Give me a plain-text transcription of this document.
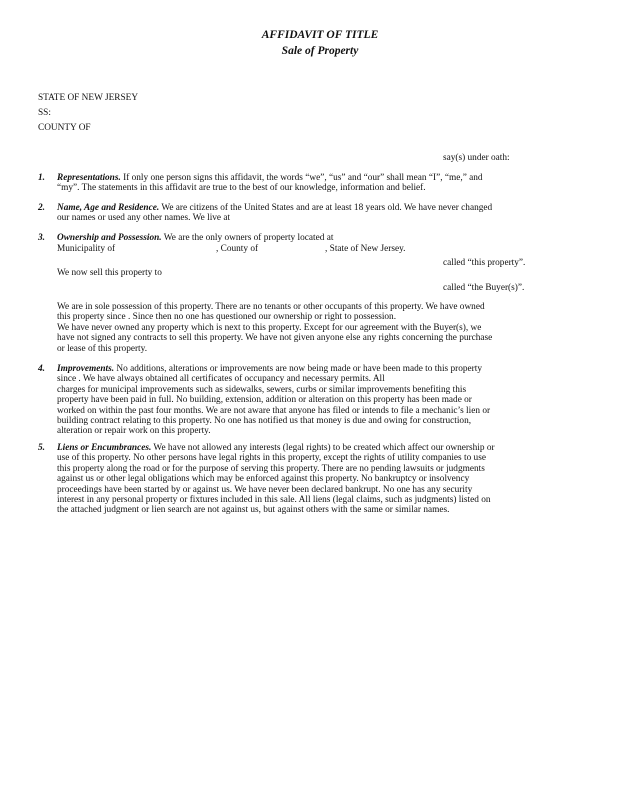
AFFIDAVIT OF TITLE
Sale of Property
STATE OF NEW JERSEY
SS:
COUNTY OF
say(s) under oath:
1. Representations. If only one person signs this affidavit, the words “we”, “us” and “our” shall mean “I”, “me,” and

“my”. The statements in this affidavit are true to the best of our knowledge, information and belief.

2. Name, Age and Residence. We are citizens of the United States and are at least 18 years old. We have never changed

our names or used any other names. We live at

3. Ownership and Possession. We are the only owners of property located at

Municipality of	, County of	, State of New Jersey.
called “this property”.
We now sell this property to
called “the Buyer(s)”.

We are in sole possession of this property. There are no tenants or other occupants of this property. We have owned

this property since . Since then no one has questioned our ownership or right to possession.

We have never owned any property which is next to this property. Except for our agreement with the Buyer(s), we

have not signed any contracts to sell this property. We have not given anyone else any rights concerning the purchase

or lease of this property.

4. Improvements. No additions, alterations or improvements are now being made or have been made to this property

since . We have always obtained all certificates of occupancy and necessary permits. All

charges for municipal improvements such as sidewalks, sewers, curbs or similar improvements benefiting this

property have been paid in full. No building, extension, addition or alteration on this property has been made or

worked on within the past four months. We are not aware that anyone has filed or intends to file a mechanic’s lien or

building contract relating to this property. No one has notified us that money is due and owing for construction,

alteration or repair work on this property.

5. Liens or Encumbrances. We have not allowed any interests (legal rights) to be created which affect our ownership or

use of this property. No other persons have legal rights in this property, except the rights of utility companies to use

this property along the road or for the purpose of serving this property. There are no pending lawsuits or judgments

against us or other legal obligations which may be enforced against this property. No bankruptcy or insolvency

proceedings have been started by or against us. We have never been declared bankrupt. No one has any security

interest in any personal property or fixtures included in this sale. All liens (legal claims, such as judgments) listed on

the attached judgment or lien search are not against us, but against others with the same or similar names.
